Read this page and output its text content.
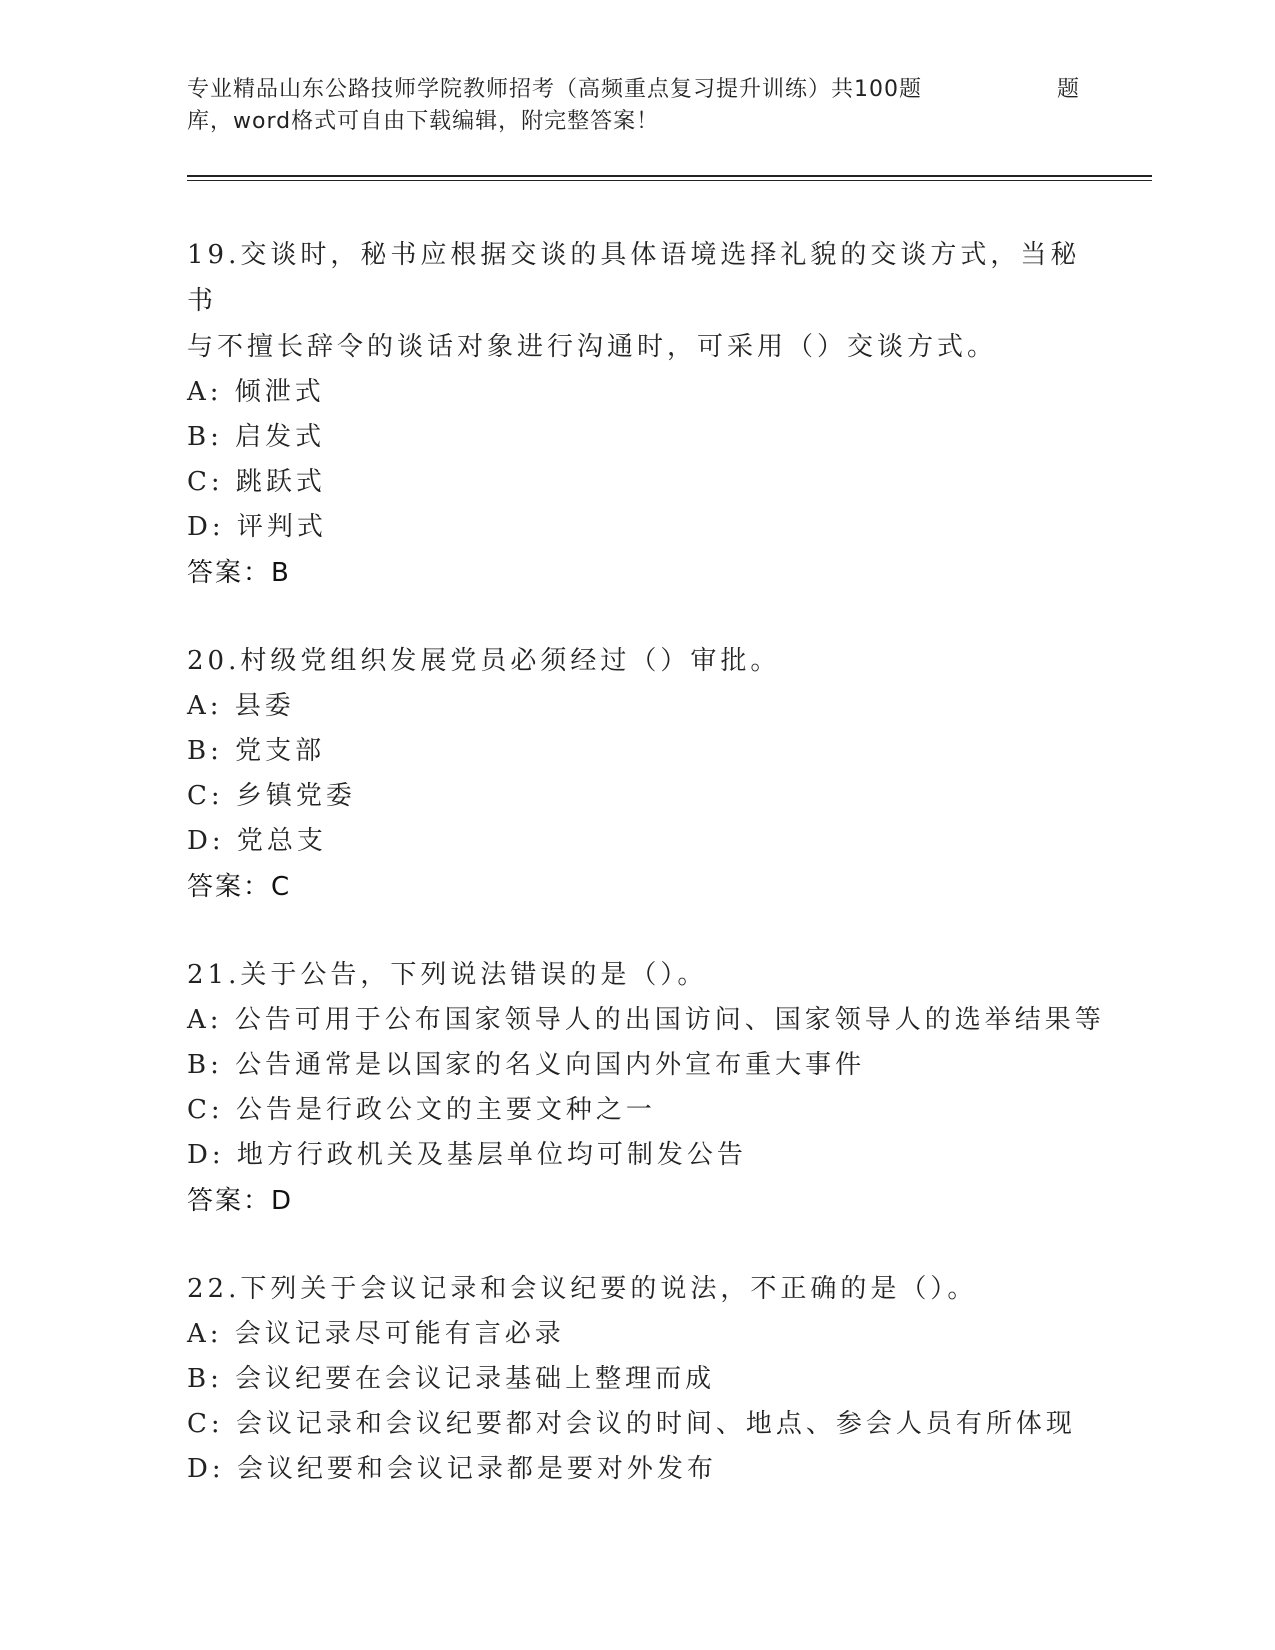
专业精品山东公路技师学院教师招考（高频重点复习提升训练）共100题	题
库，word格式可自由下载编辑，附完整答案！

19.交谈时，秘书应根据交谈的具体语境选择礼貌的交谈方式，当秘书

与不擅长辞令的谈话对象进行沟通时，可采用（）交谈方式。

A: 倾泄式

B: 启发式

C: 跳跃式

D: 评判式

答案：B

20.村级党组织发展党员必须经过（）审批。

A: 县委

B: 党支部

C: 乡镇党委

D: 党总支

答案：C

21.关于公告，下列说法错误的是（）。

A: 公告可用于公布国家领导人的出国访问、国家领导人的选举结果等

B: 公告通常是以国家的名义向国内外宣布重大事件

C: 公告是行政公文的主要文种之一

D: 地方行政机关及基层单位均可制发公告

答案：D

22.下列关于会议记录和会议纪要的说法，不正确的是（）。

A: 会议记录尽可能有言必录

B: 会议纪要在会议记录基础上整理而成

C: 会议记录和会议纪要都对会议的时间、地点、参会人员有所体现

D: 会议纪要和会议记录都是要对外发布
